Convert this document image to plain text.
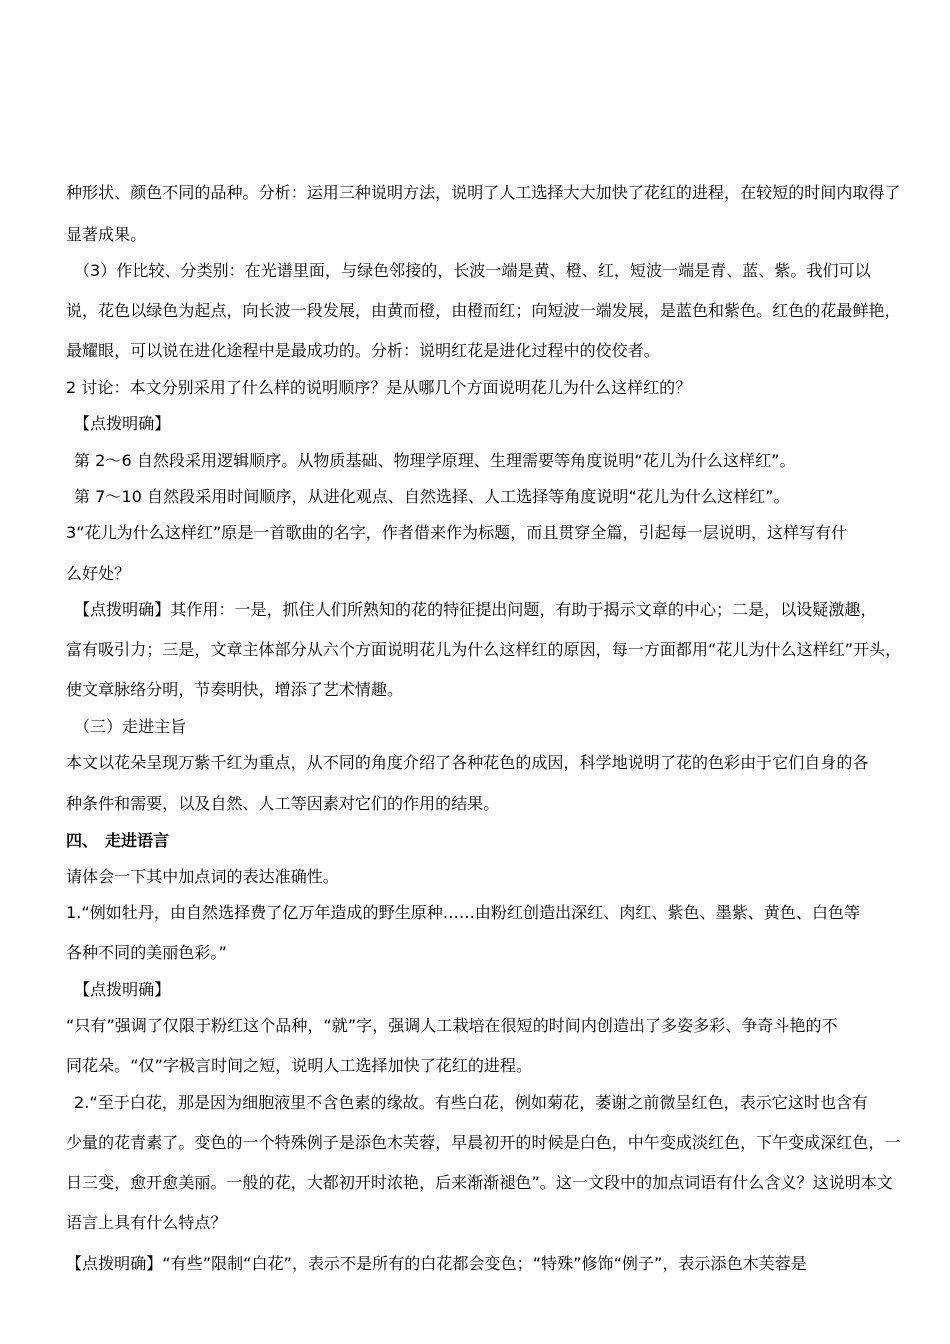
种形状、颜色不同的品种。分析：运用三种说明方法，说明了人工选择大大加快了花红的进程，在较短的时间内取得了
显著成果。
（3）作比较、分类别：在光谱里面，与绿色邻接的，长波一端是黄、橙、红，短波一端是青、蓝、紫。我们可以
说，花色以绿色为起点，向长波一段发展，由黄而橙，由橙而红；向短波一端发展，是蓝色和紫色。红色的花最鲜艳，
最耀眼，可以说在进化途程中是最成功的。分析：说明红花是进化过程中的佼佼者。
2 讨论：本文分别采用了什么样的说明顺序？是从哪几个方面说明花儿为什么这样红的？
【点拨明确】
第 2～6 自然段采用逻辑顺序。从物质基础、物理学原理、生理需要等角度说明“花儿为什么这样红”。
第 7～10 自然段采用时间顺序，从进化观点、自然选择、人工选择等角度说明“花儿为什么这样红”。
3“花儿为什么这样红”原是一首歌曲的名字，作者借来作为标题，而且贯穿全篇，引起每一层说明，这样写有什
么好处？
【点拨明确】其作用：一是，抓住人们所熟知的花的特征提出问题，有助于揭示文章的中心；二是，以设疑激趣，
富有吸引力；三是，文章主体部分从六个方面说明花儿为什么这样红的原因，每一方面都用“花儿为什么这样红”开头，
使文章脉络分明，节奏明快，增添了艺术情趣。
（三）走进主旨
本文以花朵呈现万紫千红为重点，从不同的角度介绍了各种花色的成因，科学地说明了花的色彩由于它们自身的各
种条件和需要，以及自然、人工等因素对它们的作用的结果。
四、 走进语言
请体会一下其中加点词的表达准确性。
1.“例如牡丹，由自然选择费了亿万年造成的野生原种……由粉红创造出深红、肉红、紫色、墨紫、黄色、白色等
各种不同的美丽色彩。”
【点拨明确】
“只有”强调了仅限于粉红这个品种，“就”字，强调人工栽培在很短的时间内创造出了多姿多彩、争奇斗艳的不
同花朵。“仅”字极言时间之短，说明人工选择加快了花红的进程。
2.“至于白花，那是因为细胞液里不含色素的缘故。有些白花，例如菊花，萎谢之前微呈红色，表示它这时也含有
少量的花青素了。变色的一个特殊例子是添色木芙蓉，早晨初开的时候是白色，中午变成淡红色，下午变成深红色，一
日三变，愈开愈美丽。一般的花，大都初开时浓艳，后来渐渐褪色”。这一文段中的加点词语有什么含义？这说明本文
语言上具有什么特点？
【点拨明确】“有些”限制“白花”，表示不是所有的白花都会变色；“特殊”修饰“例子”，表示添色木芙蓉是
